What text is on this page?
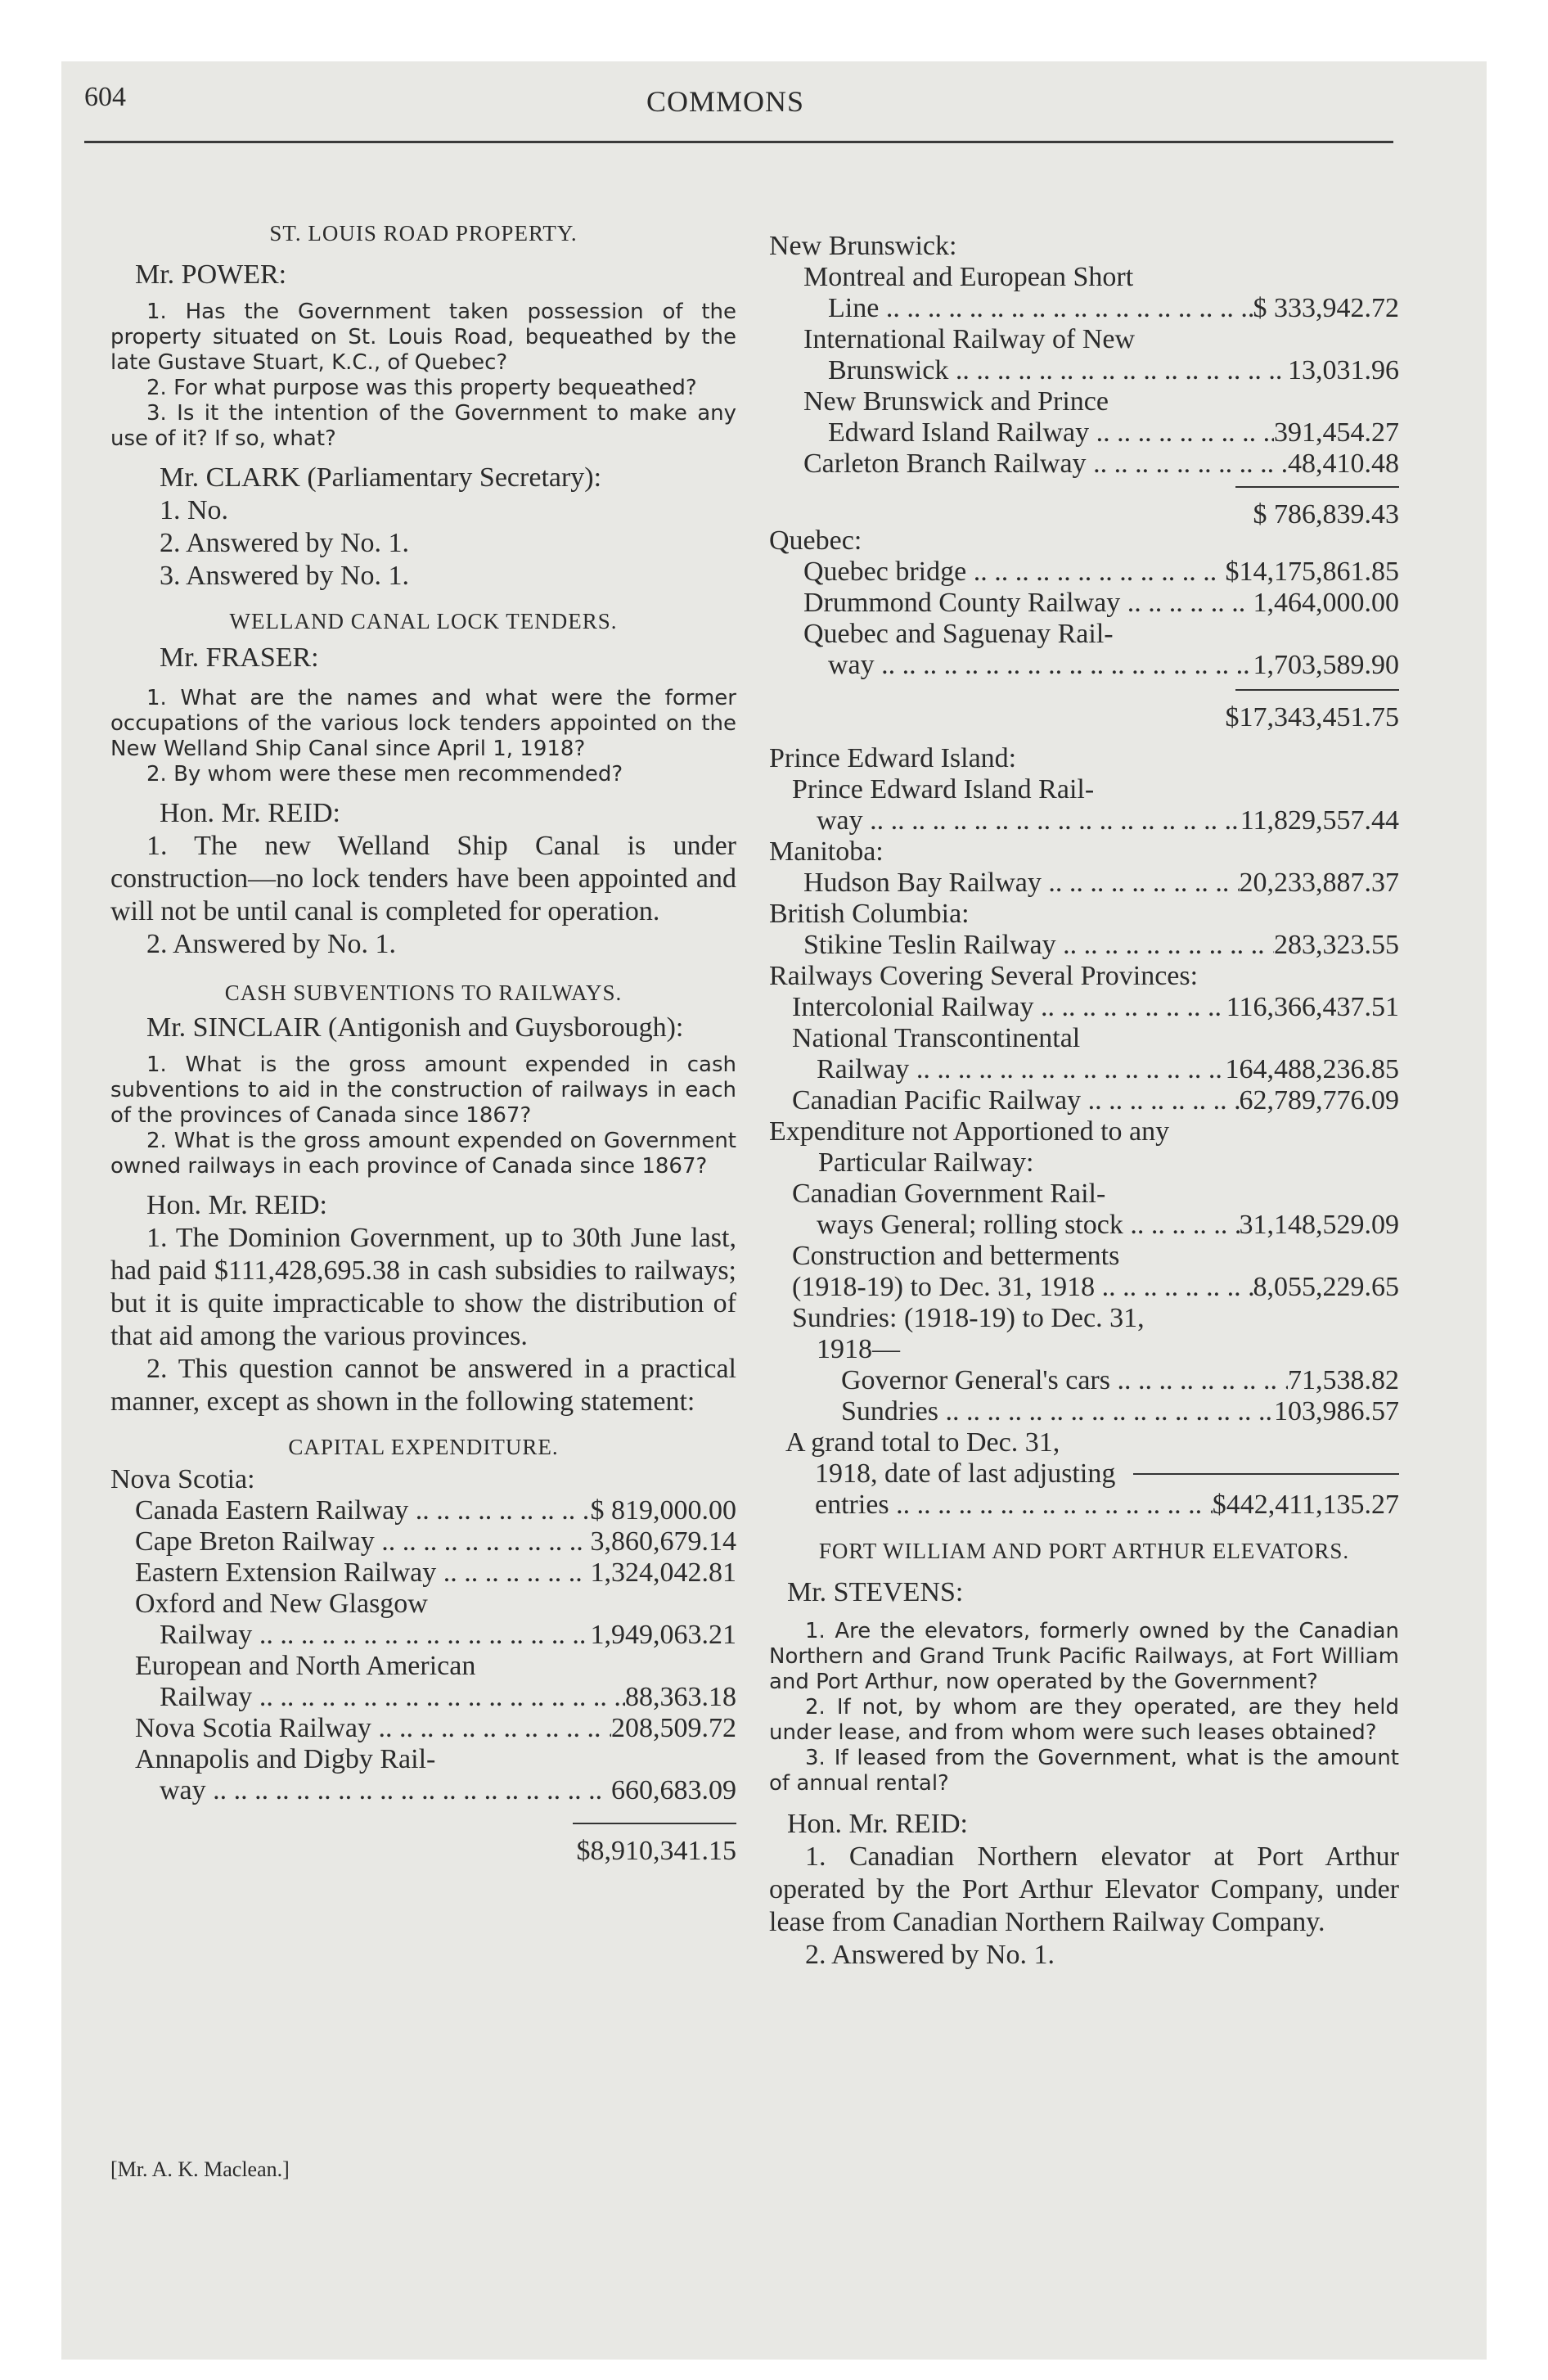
604	COMMONS
ST. LOUIS ROAD PROPERTY.
Mr. POWER:

1. Has the Government taken possession of the property situated on St. Louis Road, bequeathed by the late Gustave Stuart, K.C., of Quebec?

2. For what purpose was this property bequeathed?

3. Is it the intention of the Government to make any use of it? If so, what?

Mr. CLARK (Parliamentary Secretary):

1. No.

2. Answered by No. 1.

3. Answered by No. 1.

WELLAND CANAL LOCK TENDERS.
Mr. FRASER:

1. What are the names and what were the former occupations of the various lock tenders appointed on the New Welland Ship Canal since April 1, 1918?

2. By whom were these men recommended?

Hon. Mr. REID:

1. The new Welland Ship Canal is under construction—no lock tenders have been appointed and will not be until canal is completed for operation.

2. Answered by No. 1.

CASH SUBVENTIONS TO RAILWAYS.

Mr. SINCLAIR (Antigonish and Guysborough):

1. What is the gross amount expended in cash subventions to aid in the construction of railways in each of the provinces of Canada since 1867?

2. What is the gross amount expended on Government owned railways in each province of Canada since 1867?

Hon. Mr. REID:

1. The Dominion Government, up to 30th June last, had paid $111,428,695.38 in cash subsidies to railways; but it is quite impracticable to show the distribution of that aid among the various provinces.

2. This question cannot be answered in a practical manner, except as shown in the following statement:

CAPITAL EXPENDITURE.
Nova Scotia:
Canada Eastern Railway .. ..	$ 819,000.00
Cape Breton Railway .. ..	3,860,679.14
Eastern Extension Railway .. ..	1,324,042.81
Oxford and New Glasgow
Railway .. ..	1,949,063.21
European and North American
Railway .. ..	88,363.18
Nova Scotia Railway .. ..	208,509.72
Annapolis and Digby Rail-
way .. ..	660,683.09
$8,910,341.15
New Brunswick:
Montreal and European Short
Line .. ..	$ 333,942.72
International Railway of New
Brunswick .. ..	13,031.96
New Brunswick and Prince
Edward Island Railway .. ..	391,454.27
Carleton Branch Railway .. ..	48,410.48
$ 786,839.43
Quebec:
Quebec bridge .. ..	$14,175,861.85
Drummond County Railway .. ..	1,464,000.00
Quebec and Saguenay Rail-
way .. ..	1,703,589.90
$17,343,451.75
Prince Edward Island:
Prince Edward Island Rail-
way .. ..	11,829,557.44
Manitoba:
Hudson Bay Railway .. ..	20,233,887.37
British Columbia:
Stikine Teslin Railway .. ..	283,323.55
Railways Covering Several Provinces:
Intercolonial Railway .. ..	116,366,437.51
National Transcontinental
Railway .. ..	164,488,236.85
Canadian Pacific Railway .. ..	62,789,776.09
Expenditure not Apportioned to any Particular Railway:
Canadian Government Rail-
ways General; rolling stock .. ..	31,148,529.09
Construction and betterments
(1918-19) to Dec. 31, 1918 .. ..	8,055,229.65
Sundries: (1918-19) to Dec. 31,
1918—
Governor General's cars .. ..	71,538.82
Sundries .. ..	103,986.57
A grand total to Dec. 31,
1918, date of last adjusting
entries .. ..	$442,411,135.27
FORT WILLIAM AND PORT ARTHUR ELEVATORS.
Mr. STEVENS:

1. Are the elevators, formerly owned by the Canadian Northern and Grand Trunk Pacific Railways, at Fort William and Port Arthur, now operated by the Government?

2. If not, by whom are they operated, are they held under lease, and from whom were such leases obtained?

3. If leased from the Government, what is the amount of annual rental?

Hon. Mr. REID:

1. Canadian Northern elevator at Port Arthur operated by the Port Arthur Elevator Company, under lease from Canadian Northern Railway Company.

2. Answered by No. 1.

[Mr. A. K. Maclean.]
